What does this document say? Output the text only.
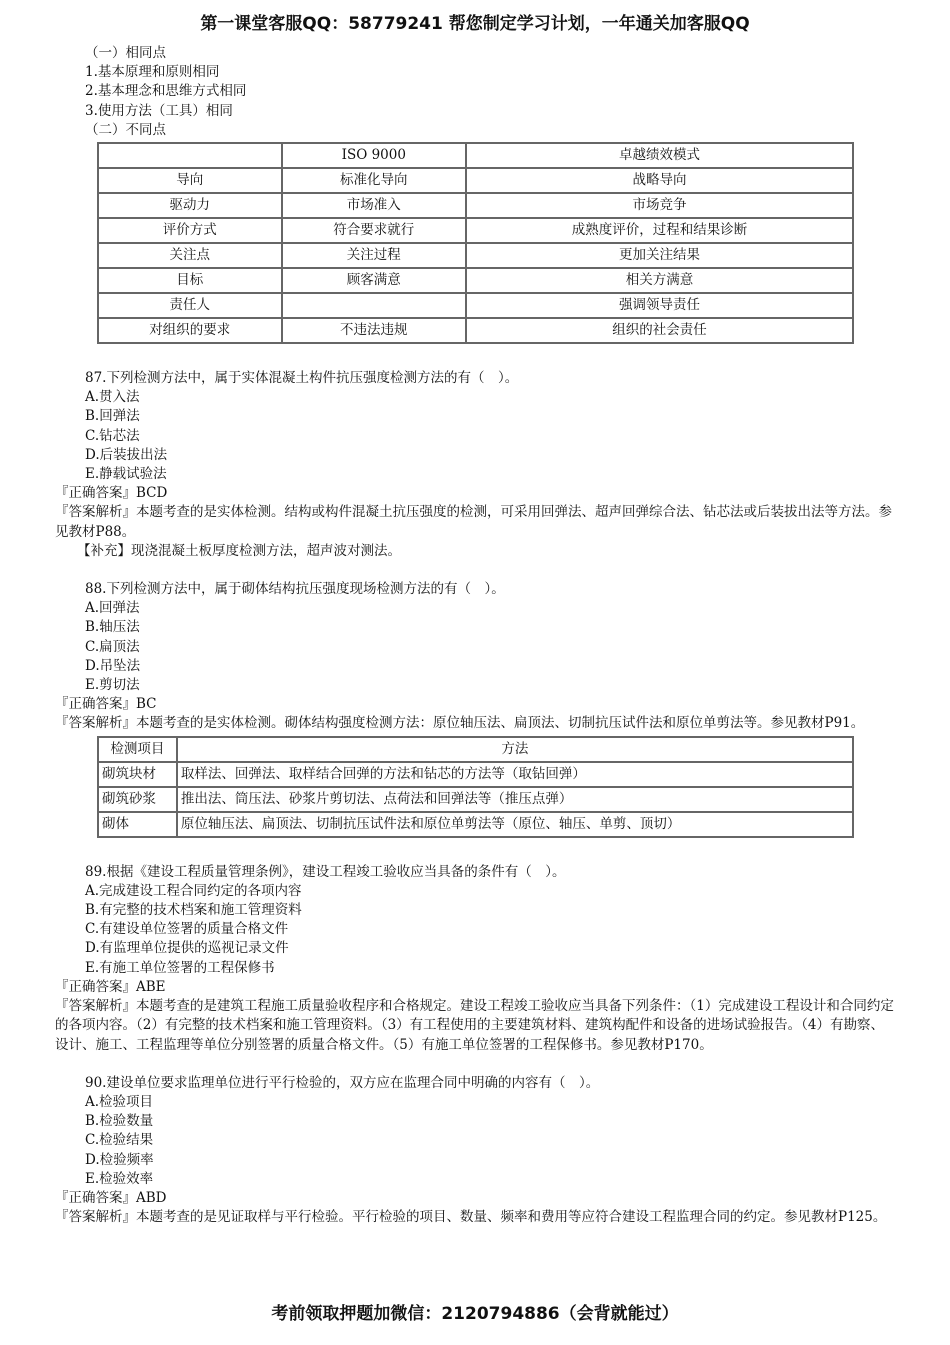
第一课堂客服QQ：58779241 帮您制定学习计划，一年通关加客服QQ
（一）相同点
1.基本原理和原则相同
2.基本理念和思维方式相同
3.使用方法（工具）相同
（二）不同点
	ISO 9000	卓越绩效模式
导向	标准化导向	战略导向
驱动力	市场准入	市场竞争
评价方式	符合要求就行	成熟度评价，过程和结果诊断
关注点	关注过程	更加关注结果
目标	顾客满意	相关方满意
责任人		强调领导责任
对组织的要求	不违法违规	组织的社会责任
87.下列检测方法中，属于实体混凝土构件抗压强度检测方法的有（　）。
A.贯入法
B.回弹法
C.钻芯法
D.后装拔出法
E.静载试验法
『正确答案』BCD
『答案解析』本题考查的是实体检测。结构或构件混凝土抗压强度的检测，可采用回弹法、超声回弹综合法、钻芯法或后装拔出法等方法。参见教材P88。
【补充】现浇混凝土板厚度检测方法，超声波对测法。
88.下列检测方法中，属于砌体结构抗压强度现场检测方法的有（　）。
A.回弹法
B.轴压法
C.扁顶法
D.吊坠法
E.剪切法
『正确答案』BC
『答案解析』本题考查的是实体检测。砌体结构强度检测方法：原位轴压法、扁顶法、切制抗压试件法和原位单剪法等。参见教材P91。
检测项目	方法
砌筑块材	取样法、回弹法、取样结合回弹的方法和钻芯的方法等（取钻回弹）
砌筑砂浆	推出法、筒压法、砂浆片剪切法、点荷法和回弹法等（推压点弹）
砌体	原位轴压法、扁顶法、切制抗压试件法和原位单剪法等（原位、轴压、单剪、顶切）
89.根据《建设工程质量管理条例》，建设工程竣工验收应当具备的条件有（　）。
A.完成建设工程合同约定的各项内容
B.有完整的技术档案和施工管理资料
C.有建设单位签署的质量合格文件
D.有监理单位提供的巡视记录文件
E.有施工单位签署的工程保修书
『正确答案』ABE
『答案解析』本题考查的是建筑工程施工质量验收程序和合格规定。建设工程竣工验收应当具备下列条件：（1）完成建设工程设计和合同约定的各项内容。（2）有完整的技术档案和施工管理资料。（3）有工程使用的主要建筑材料、建筑构配件和设备的进场试验报告。（4）有勘察、设计、施工、工程监理等单位分别签署的质量合格文件。（5）有施工单位签署的工程保修书。参见教材P170。
90.建设单位要求监理单位进行平行检验的，双方应在监理合同中明确的内容有（　）。
A.检验项目
B.检验数量
C.检验结果
D.检验频率
E.检验效率
『正确答案』ABD
『答案解析』本题考查的是见证取样与平行检验。平行检验的项目、数量、频率和费用等应符合建设工程监理合同的约定。参见教材P125。
考前领取押题加微信：2120794886（会背就能过）
